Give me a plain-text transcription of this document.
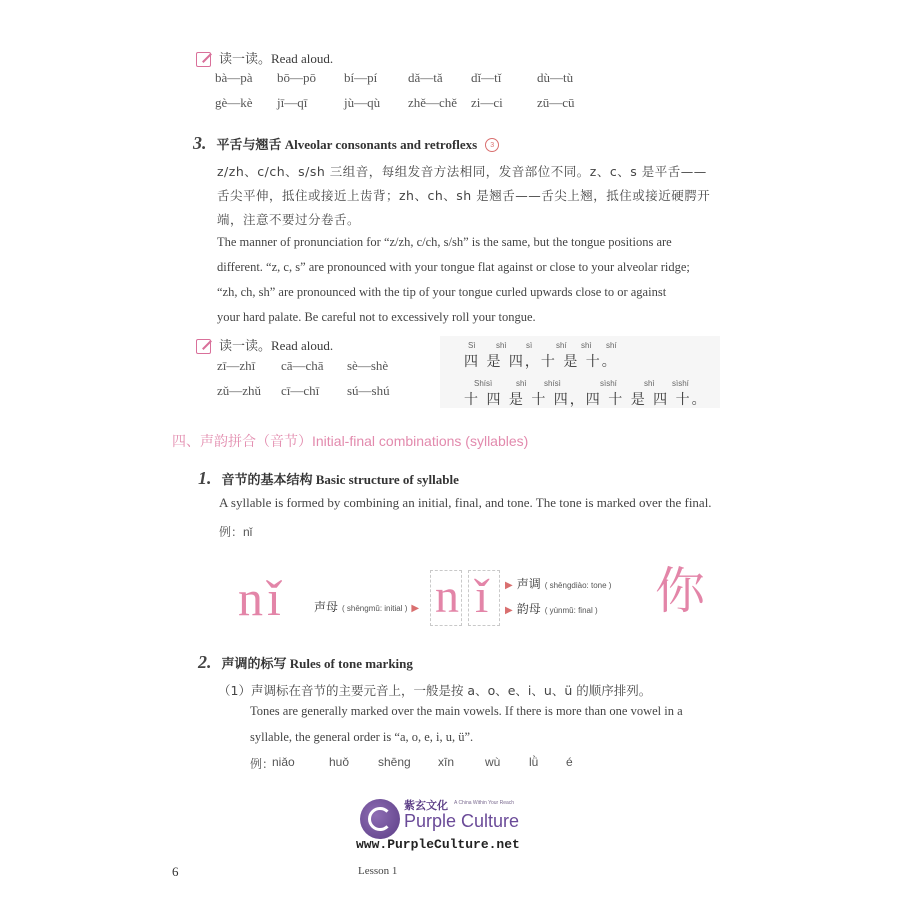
读一读。Read aloud.
bà—pà bō—pō bí—pí dǎ—tǎ dǐ—tǐ	dù—tù
gè—kè jī—qī	jù—qù zhě—chě zi—ci	zū—cū
3. 平舌与翘舌 Alveolar consonants and retroflexs 3
z/zh、c/ch、s/sh 三组音，每组发音方法相同，发音部位不同。z、c、s 是平舌——
舌尖平伸，抵住或接近上齿背；zh、ch、sh 是翘舌——舌尖上翘，抵住或接近硬腭开
端，注意不要过分卷舌。
The manner of pronunciation for “z/zh, c/ch, s/sh” is the same, but the tongue positions are
different. “z, c, s” are pronounced with your tongue flat against or close to your alveolar ridge;
“zh, ch, sh” are pronounced with the tip of your tongue curled upwards close to or against
your hard palate. Be careful not to excessively roll your tongue.
读一读。Read aloud.
zī—zhī cā—chā sè—shè
zǔ—zhǔ cī—chī sú—shú
Sì	shì sì	shí shì shí
四 是 四，十 是 十。
Shísì	shì shísì	sìshí	shì sìshí
十 四 是 十 四，四 十 是 四 十。
四、声韵拼合（音节）Initial-final combinations (syllables)
1. 音节的基本结构 Basic structure of syllable
A syllable is formed by combining an initial, final, and tone. The tone is marked over the final.
例：nǐ
nǐ 声母 ( shēngmǔ: initial ) ▶ n ǐ ▶ 声调 ( shēngdiào: tone )
▶ 韵母 ( yùnmǔ: final ) 你
2. 声调的标写 Rules of tone marking
（1）声调标在音节的主要元音上，一般是按 a、o、e、i、u、ü 的顺序排列。
Tones are generally marked over the main vowels. If there is more than one vowel in a
syllable, the general order is “a, o, e, i, u, ü”.
例：
niǎo	huǒ shēng xīn	wù lǜ é
紫玄文化 A China Within Your Reach
Purple Culture
www.PurpleCulture.net
6	Lesson 1
